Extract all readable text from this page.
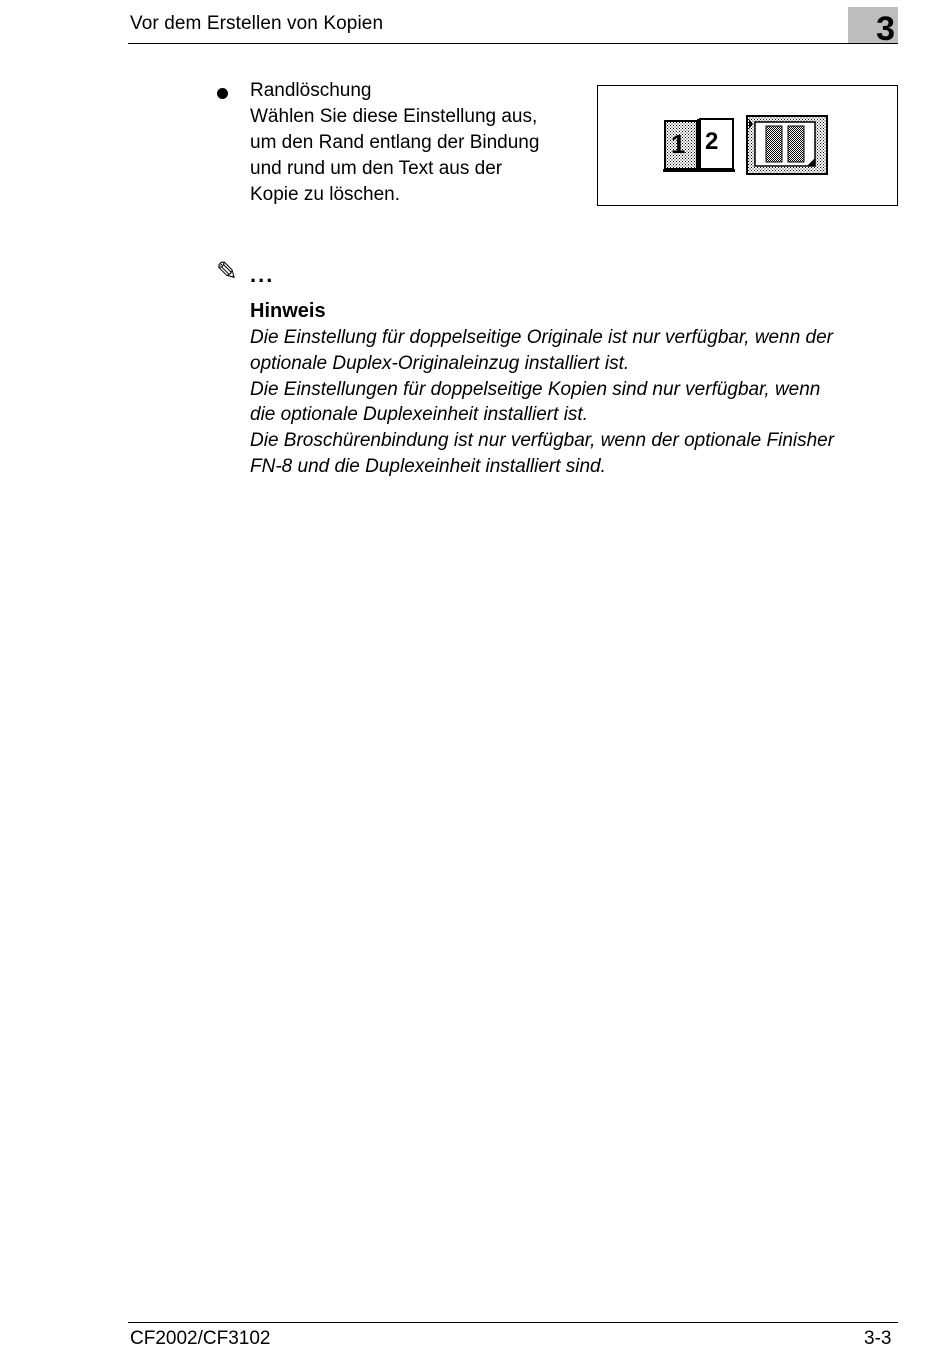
Vor dem Erstellen von Kopien	3
Randlöschung
Wählen Sie diese Einstellung aus,
um den Rand entlang der Bindung
und rund um den Text aus der
Kopie zu löschen.
1 2
✎ ...
Hinweis
Die Einstellung für doppelseitige Originale ist nur verfügbar, wenn der
optionale Duplex-Originaleinzug installiert ist.
Die Einstellungen für doppelseitige Kopien sind nur verfügbar, wenn
die optionale Duplexeinheit installiert ist.
Die Broschürenbindung ist nur verfügbar, wenn der optionale Finisher
FN-8 und die Duplexeinheit installiert sind.
CF2002/CF3102	3-3
